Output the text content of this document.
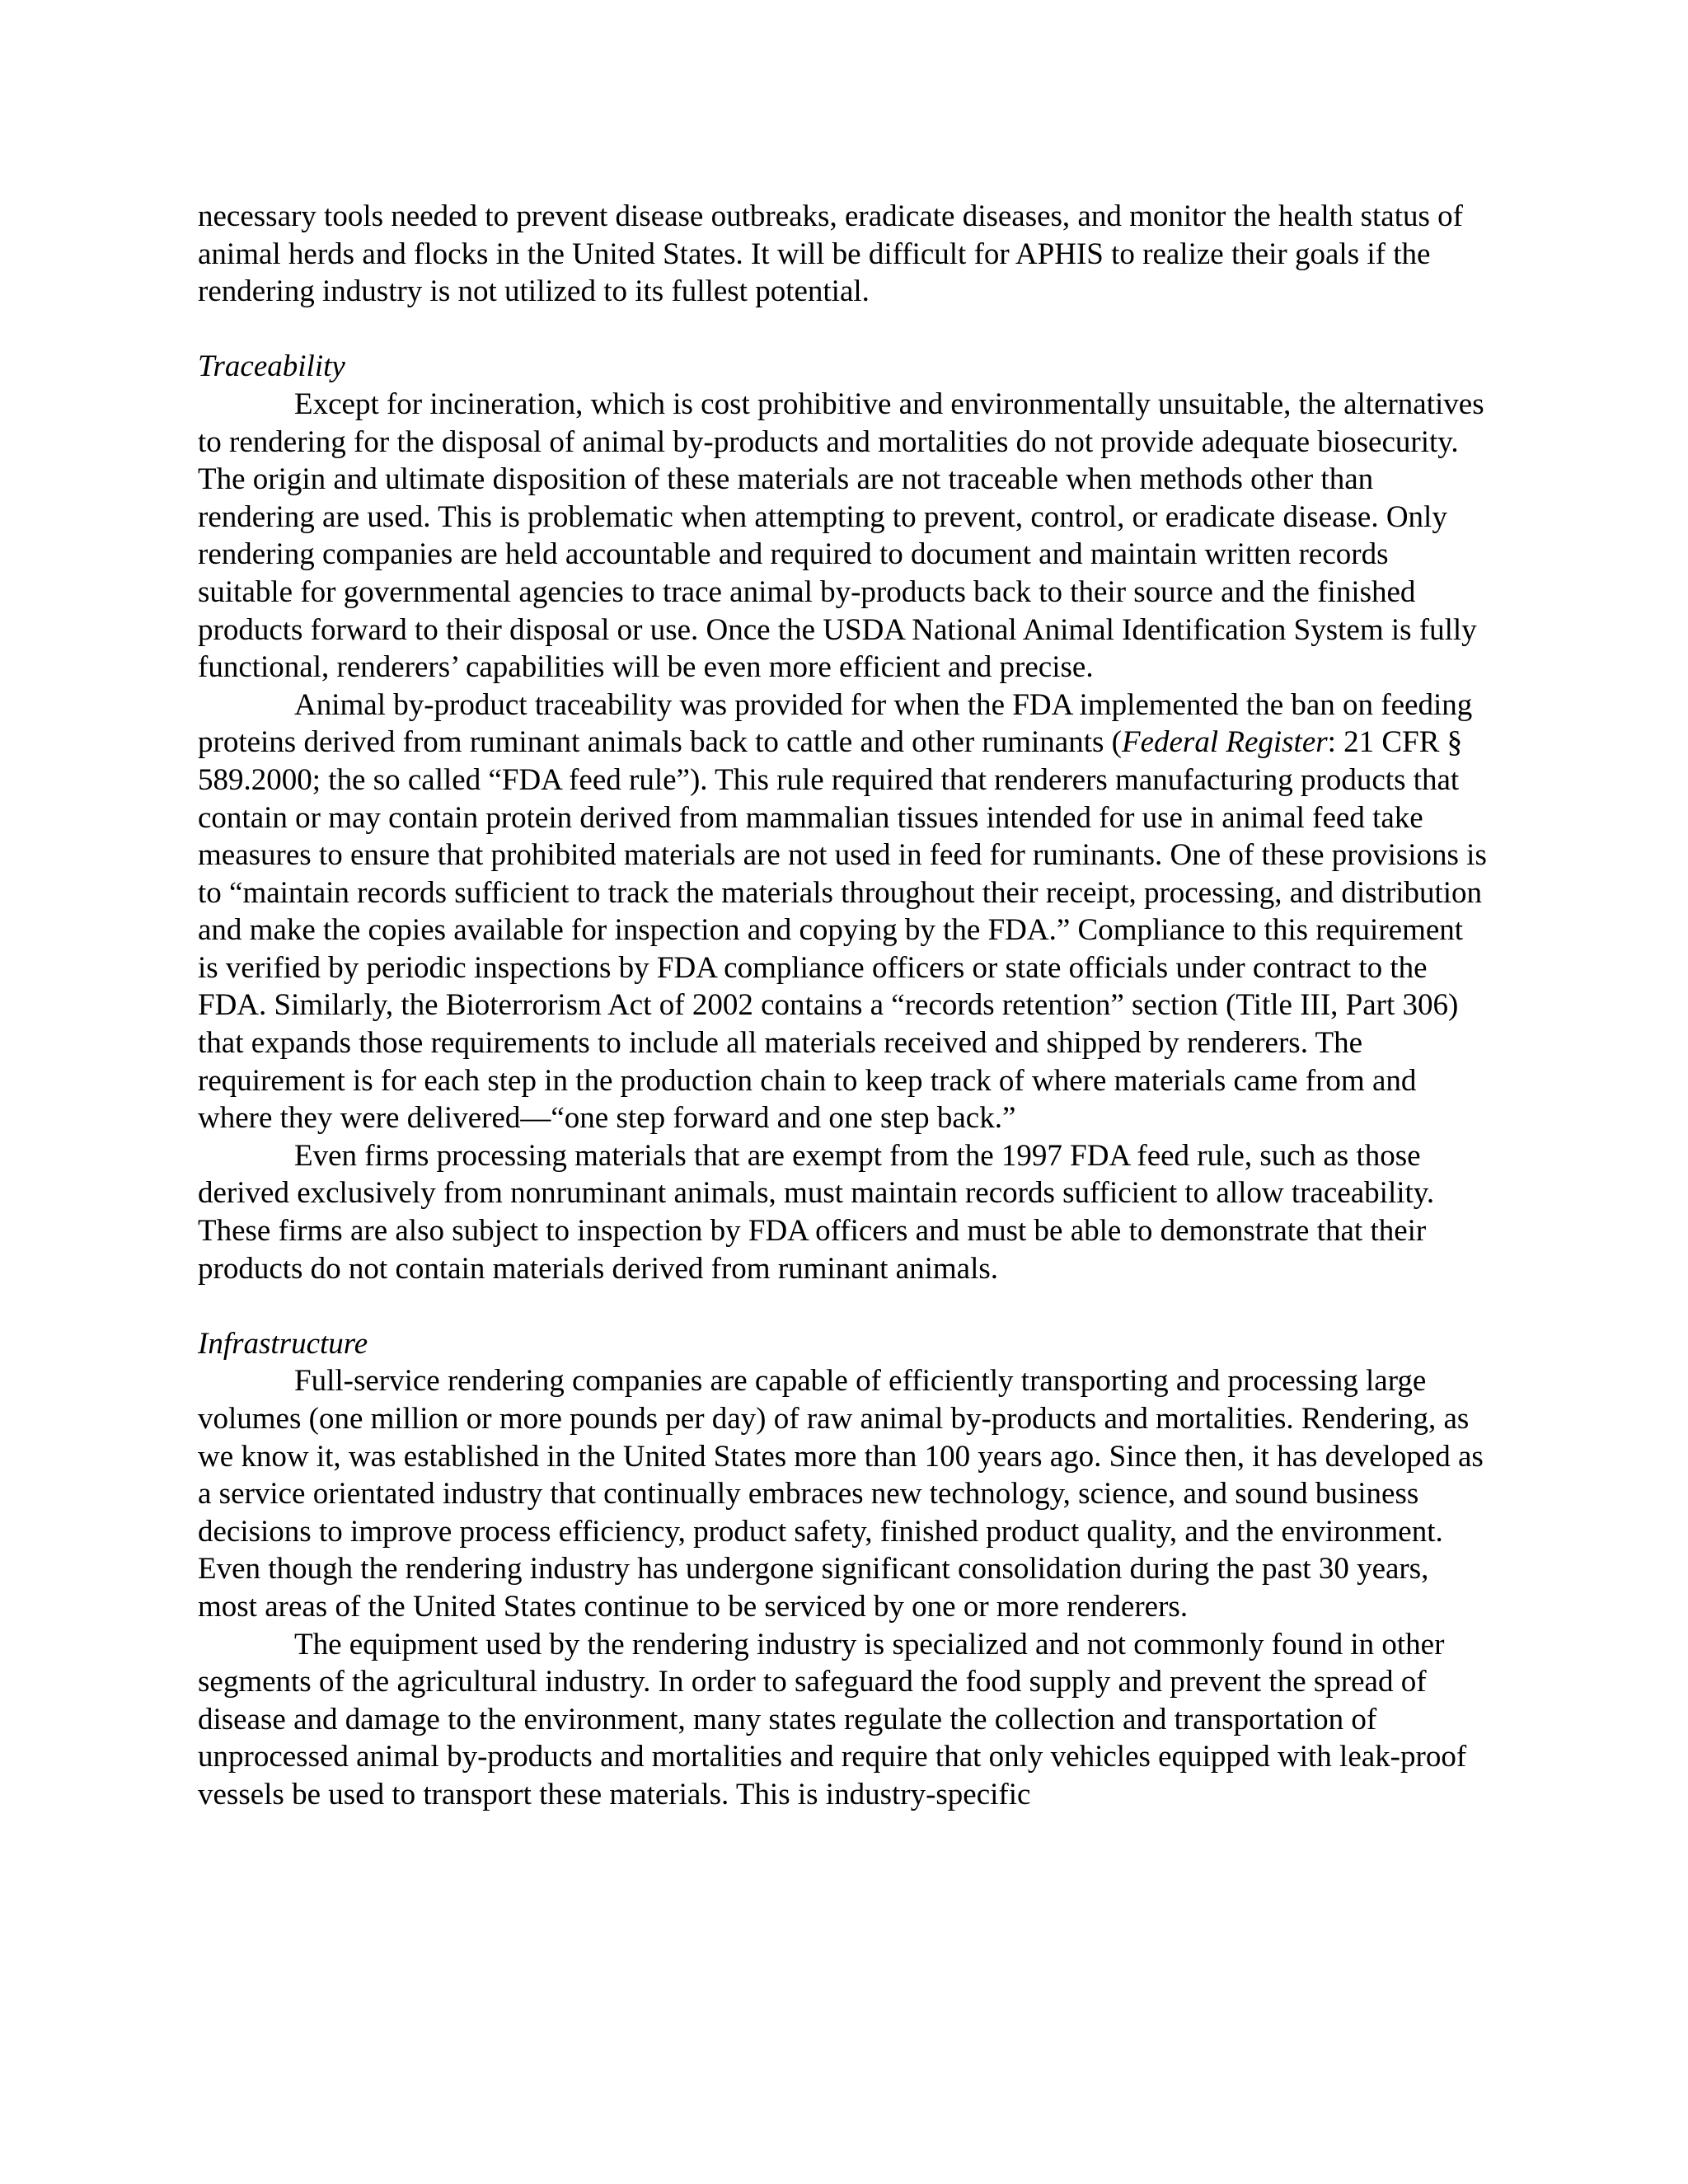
necessary tools needed to prevent disease outbreaks, eradicate diseases, and monitor the health status of animal herds and flocks in the United States. It will be difficult for APHIS to realize their goals if the rendering industry is not utilized to its fullest potential.

Traceability

Except for incineration, which is cost prohibitive and environmentally unsuitable, the alternatives to rendering for the disposal of animal by-products and mortalities do not provide adequate biosecurity. The origin and ultimate disposition of these materials are not traceable when methods other than rendering are used. This is problematic when attempting to prevent, control, or eradicate disease. Only rendering companies are held accountable and required to document and maintain written records suitable for governmental agencies to trace animal by-products back to their source and the finished products forward to their disposal or use. Once the USDA National Animal Identification System is fully functional, renderers’ capabilities will be even more efficient and precise.

Animal by-product traceability was provided for when the FDA implemented the ban on feeding proteins derived from ruminant animals back to cattle and other ruminants (Federal Register: 21 CFR § 589.2000; the so called “FDA feed rule”). This rule required that renderers manufacturing products that contain or may contain protein derived from mammalian tissues intended for use in animal feed take measures to ensure that prohibited materials are not used in feed for ruminants. One of these provisions is to “maintain records sufficient to track the materials throughout their receipt, processing, and distribution and make the copies available for inspection and copying by the FDA.” Compliance to this requirement is verified by periodic inspections by FDA compliance officers or state officials under contract to the FDA. Similarly, the Bioterrorism Act of 2002 contains a “records retention” section (Title III, Part 306) that expands those requirements to include all materials received and shipped by renderers. The requirement is for each step in the production chain to keep track of where materials came from and where they were delivered—“one step forward and one step back.”

Even firms processing materials that are exempt from the 1997 FDA feed rule, such as those derived exclusively from nonruminant animals, must maintain records sufficient to allow traceability. These firms are also subject to inspection by FDA officers and must be able to demonstrate that their products do not contain materials derived from ruminant animals.

Infrastructure

Full-service rendering companies are capable of efficiently transporting and processing large volumes (one million or more pounds per day) of raw animal by-products and mortalities. Rendering, as we know it, was established in the United States more than 100 years ago. Since then, it has developed as a service orientated industry that continually embraces new technology, science, and sound business decisions to improve process efficiency, product safety, finished product quality, and the environment. Even though the rendering industry has undergone significant consolidation during the past 30 years, most areas of the United States continue to be serviced by one or more renderers.

The equipment used by the rendering industry is specialized and not commonly found in other segments of the agricultural industry. In order to safeguard the food supply and prevent the spread of disease and damage to the environment, many states regulate the collection and transportation of unprocessed animal by-products and mortalities and require that only vehicles equipped with leak-proof vessels be used to transport these materials. This is industry-specific
